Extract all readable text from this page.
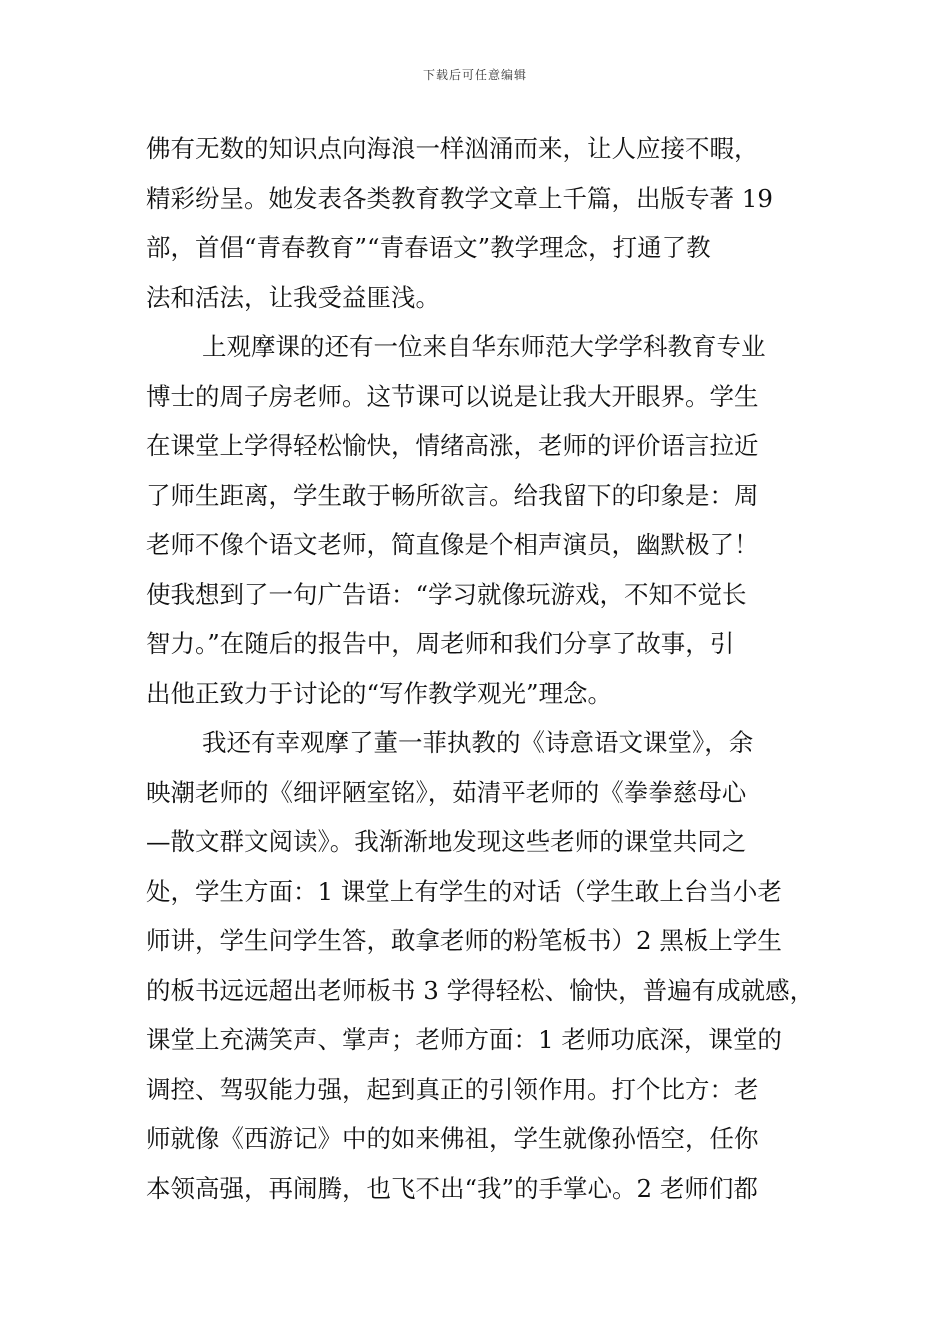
下载后可任意编辑
佛有无数的知识点向海浪一样汹涌而来，让人应接不暇，
精彩纷呈。她发表各类教育教学文章上千篇，出版专著 19
部，首倡“青春教育”“青春语文”教学理念，打通了教
法和活法，让我受益匪浅。
上观摩课的还有一位来自华东师范大学学科教育专业
博士的周子房老师。这节课可以说是让我大开眼界。学生
在课堂上学得轻松愉快，情绪高涨，老师的评价语言拉近
了师生距离，学生敢于畅所欲言。给我留下的印象是：周
老师不像个语文老师，简直像是个相声演员，幽默极了！
使我想到了一句广告语：“学习就像玩游戏，不知不觉长
智力。”在随后的报告中，周老师和我们分享了故事，引
出他正致力于讨论的“写作教学观光”理念。
我还有幸观摩了董一菲执教的《诗意语文课堂》，余
映潮老师的《细评陋室铭》，茹清平老师的《拳拳慈母心
—散文群文阅读》。我渐渐地发现这些老师的课堂共同之
处，学生方面：1 课堂上有学生的对话（学生敢上台当小老
师讲，学生问学生答，敢拿老师的粉笔板书）2 黑板上学生
的板书远远超出老师板书 3 学得轻松、愉快，普遍有成就感，
课堂上充满笑声、掌声；老师方面：1 老师功底深，课堂的
调控、驾驭能力强，起到真正的引领作用。打个比方：老
师就像《西游记》中的如来佛祖，学生就像孙悟空，任你
本领高强，再闹腾，也飞不出“我”的手掌心。2 老师们都
